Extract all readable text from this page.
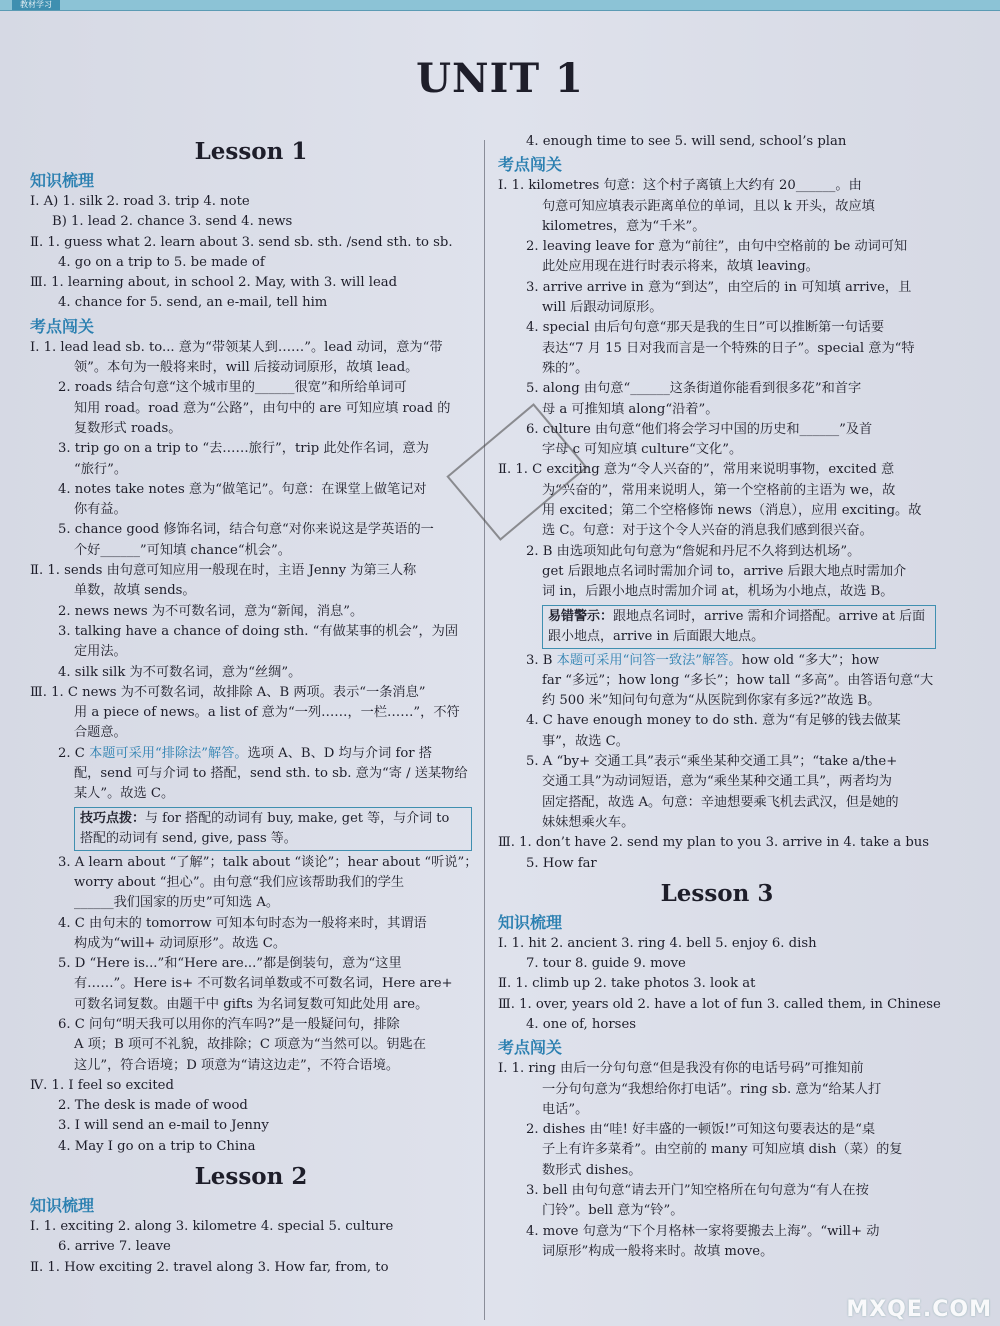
教材学习
UNIT 1
Lesson 1
知识梳理
Ⅰ. A) 1. silk 2. road 3. trip 4. note
B) 1. lead 2. chance 3. send 4. news
Ⅱ. 1. guess what 2. learn about 3. send sb. sth. /send sth. to sb.
4. go on a trip to 5. be made of
Ⅲ. 1. learning about, in school 2. May, with 3. will lead
4. chance for 5. send, an e-mail, tell him
考点闯关
Ⅰ. 1. lead lead sb. to... 意为“带领某人到……”。lead 动词，意为“带
领”。本句为一般将来时，will 后接动词原形，故填 lead。
2. roads 结合句意“这个城市里的______很宽”和所给单词可
知用 road。road 意为“公路”，由句中的 are 可知应填 road 的
复数形式 roads。
3. trip go on a trip to “去……旅行”，trip 此处作名词，意为
“旅行”。
4. notes take notes 意为“做笔记”。句意：在课堂上做笔记对
你有益。
5. chance good 修饰名词，结合句意“对你来说这是学英语的一
个好______”可知填 chance“机会”。
Ⅱ. 1. sends 由句意可知应用一般现在时，主语 Jenny 为第三人称
单数，故填 sends。
2. news news 为不可数名词，意为“新闻，消息”。
3. talking have a chance of doing sth. “有做某事的机会”，为固
定用法。
4. silk silk 为不可数名词，意为“丝绸”。
Ⅲ. 1. C news 为不可数名词，故排除 A、B 两项。表示“一条消息”
用 a piece of news。a list of 意为“一列……，一栏……”，不符
合题意。
2. C 本题可采用“排除法”解答。选项 A、B、D 均与介词 for 搭
配，send 可与介词 to 搭配，send sth. to sb. 意为“寄 / 送某物给
某人”。故选 C。
技巧点拨：与 for 搭配的动词有 buy, make, get 等，与介词 to 搭配的动词有 send, give, pass 等。
3. A learn about “了解”；talk about “谈论”；hear about “听说”；
worry about “担心”。由句意“我们应该帮助我们的学生
______我们国家的历史”可知选 A。
4. C 由句末的 tomorrow 可知本句时态为一般将来时，其谓语
构成为“will+ 动词原形”。故选 C。
5. D “Here is...”和“Here are...”都是倒装句，意为“这里
有……”。Here is+ 不可数名词单数或不可数名词，Here are+
可数名词复数。由题干中 gifts 为名词复数可知此处用 are。
6. C 问句“明天我可以用你的汽车吗?”是一般疑问句，排除
A 项；B 项可不礼貌，故排除；C 项意为“当然可以。钥匙在
这儿”，符合语境；D 项意为“请这边走”，不符合语境。
Ⅳ. 1. I feel so excited
2. The desk is made of wood
3. I will send an e-mail to Jenny
4. May I go on a trip to China
Lesson 2
知识梳理
Ⅰ. 1. exciting 2. along 3. kilometre 4. special 5. culture
6. arrive 7. leave
Ⅱ. 1. How exciting 2. travel along 3. How far, from, to
4. enough time to see 5. will send, school’s plan
考点闯关
Ⅰ. 1. kilometres 句意：这个村子离镇上大约有 20______。由
句意可知应填表示距离单位的单词，且以 k 开头，故应填
kilometres，意为“千米”。
2. leaving leave for 意为“前往”，由句中空格前的 be 动词可知
此处应用现在进行时表示将来，故填 leaving。
3. arrive arrive in 意为“到达”，由空后的 in 可知填 arrive，且
will 后跟动词原形。
4. special 由后句句意“那天是我的生日”可以推断第一句话要
表达“7 月 15 日对我而言是一个特殊的日子”。special 意为“特
殊的”。
5. along 由句意“______这条街道你能看到很多花”和首字
母 a 可推知填 along“沿着”。
6. culture 由句意“他们将会学习中国的历史和______”及首
字母 c 可知应填 culture“文化”。
Ⅱ. 1. C exciting 意为“令人兴奋的”，常用来说明事物，excited 意
为“兴奋的”，常用来说明人，第一个空格前的主语为 we，故
用 excited；第二个空格修饰 news（消息），应用 exciting。故
选 C。句意：对于这个令人兴奋的消息我们感到很兴奋。
2. B 由选项知此句句意为“詹妮和丹尼不久将到达机场”。
get 后跟地点名词时需加介词 to，arrive 后跟大地点时需加介
词 in，后跟小地点时需加介词 at，机场为小地点，故选 B。
易错警示：跟地点名词时，arrive 需和介词搭配。arrive at 后面跟小地点，arrive in 后面跟大地点。
3. B 本题可采用“问答一致法”解答。how old “多大”；how
far “多远”；how long “多长”；how tall “多高”。由答语句意“大
约 500 米”知问句句意为“从医院到你家有多远?”故选 B。
4. C have enough money to do sth. 意为“有足够的钱去做某
事”，故选 C。
5. A “by+ 交通工具”表示“乘坐某种交通工具”；“take a/the+
交通工具”为动词短语，意为“乘坐某种交通工具”，两者均为
固定搭配，故选 A。句意：辛迪想要乘飞机去武汉，但是她的
妹妹想乘火车。
Ⅲ. 1. don’t have 2. send my plan to you 3. arrive in 4. take a bus
5. How far
Lesson 3
知识梳理
Ⅰ. 1. hit 2. ancient 3. ring 4. bell 5. enjoy 6. dish
7. tour 8. guide 9. move
Ⅱ. 1. climb up 2. take photos 3. look at
Ⅲ. 1. over, years old 2. have a lot of fun 3. called them, in Chinese
4. one of, horses
考点闯关
Ⅰ. 1. ring 由后一分句句意“但是我没有你的电话号码”可推知前
一分句句意为“我想给你打电话”。ring sb. 意为“给某人打
电话”。
2. dishes 由“哇! 好丰盛的一顿饭!”可知这句要表达的是“桌
子上有许多菜肴”。由空前的 many 可知应填 dish（菜）的复
数形式 dishes。
3. bell 由句句意“请去开门”知空格所在句句意为“有人在按
门铃”。bell 意为“铃”。
4. move 句意为“下个月格林一家将要搬去上海”。“will+ 动
词原形”构成一般将来时。故填 move。
MXQE.COM
